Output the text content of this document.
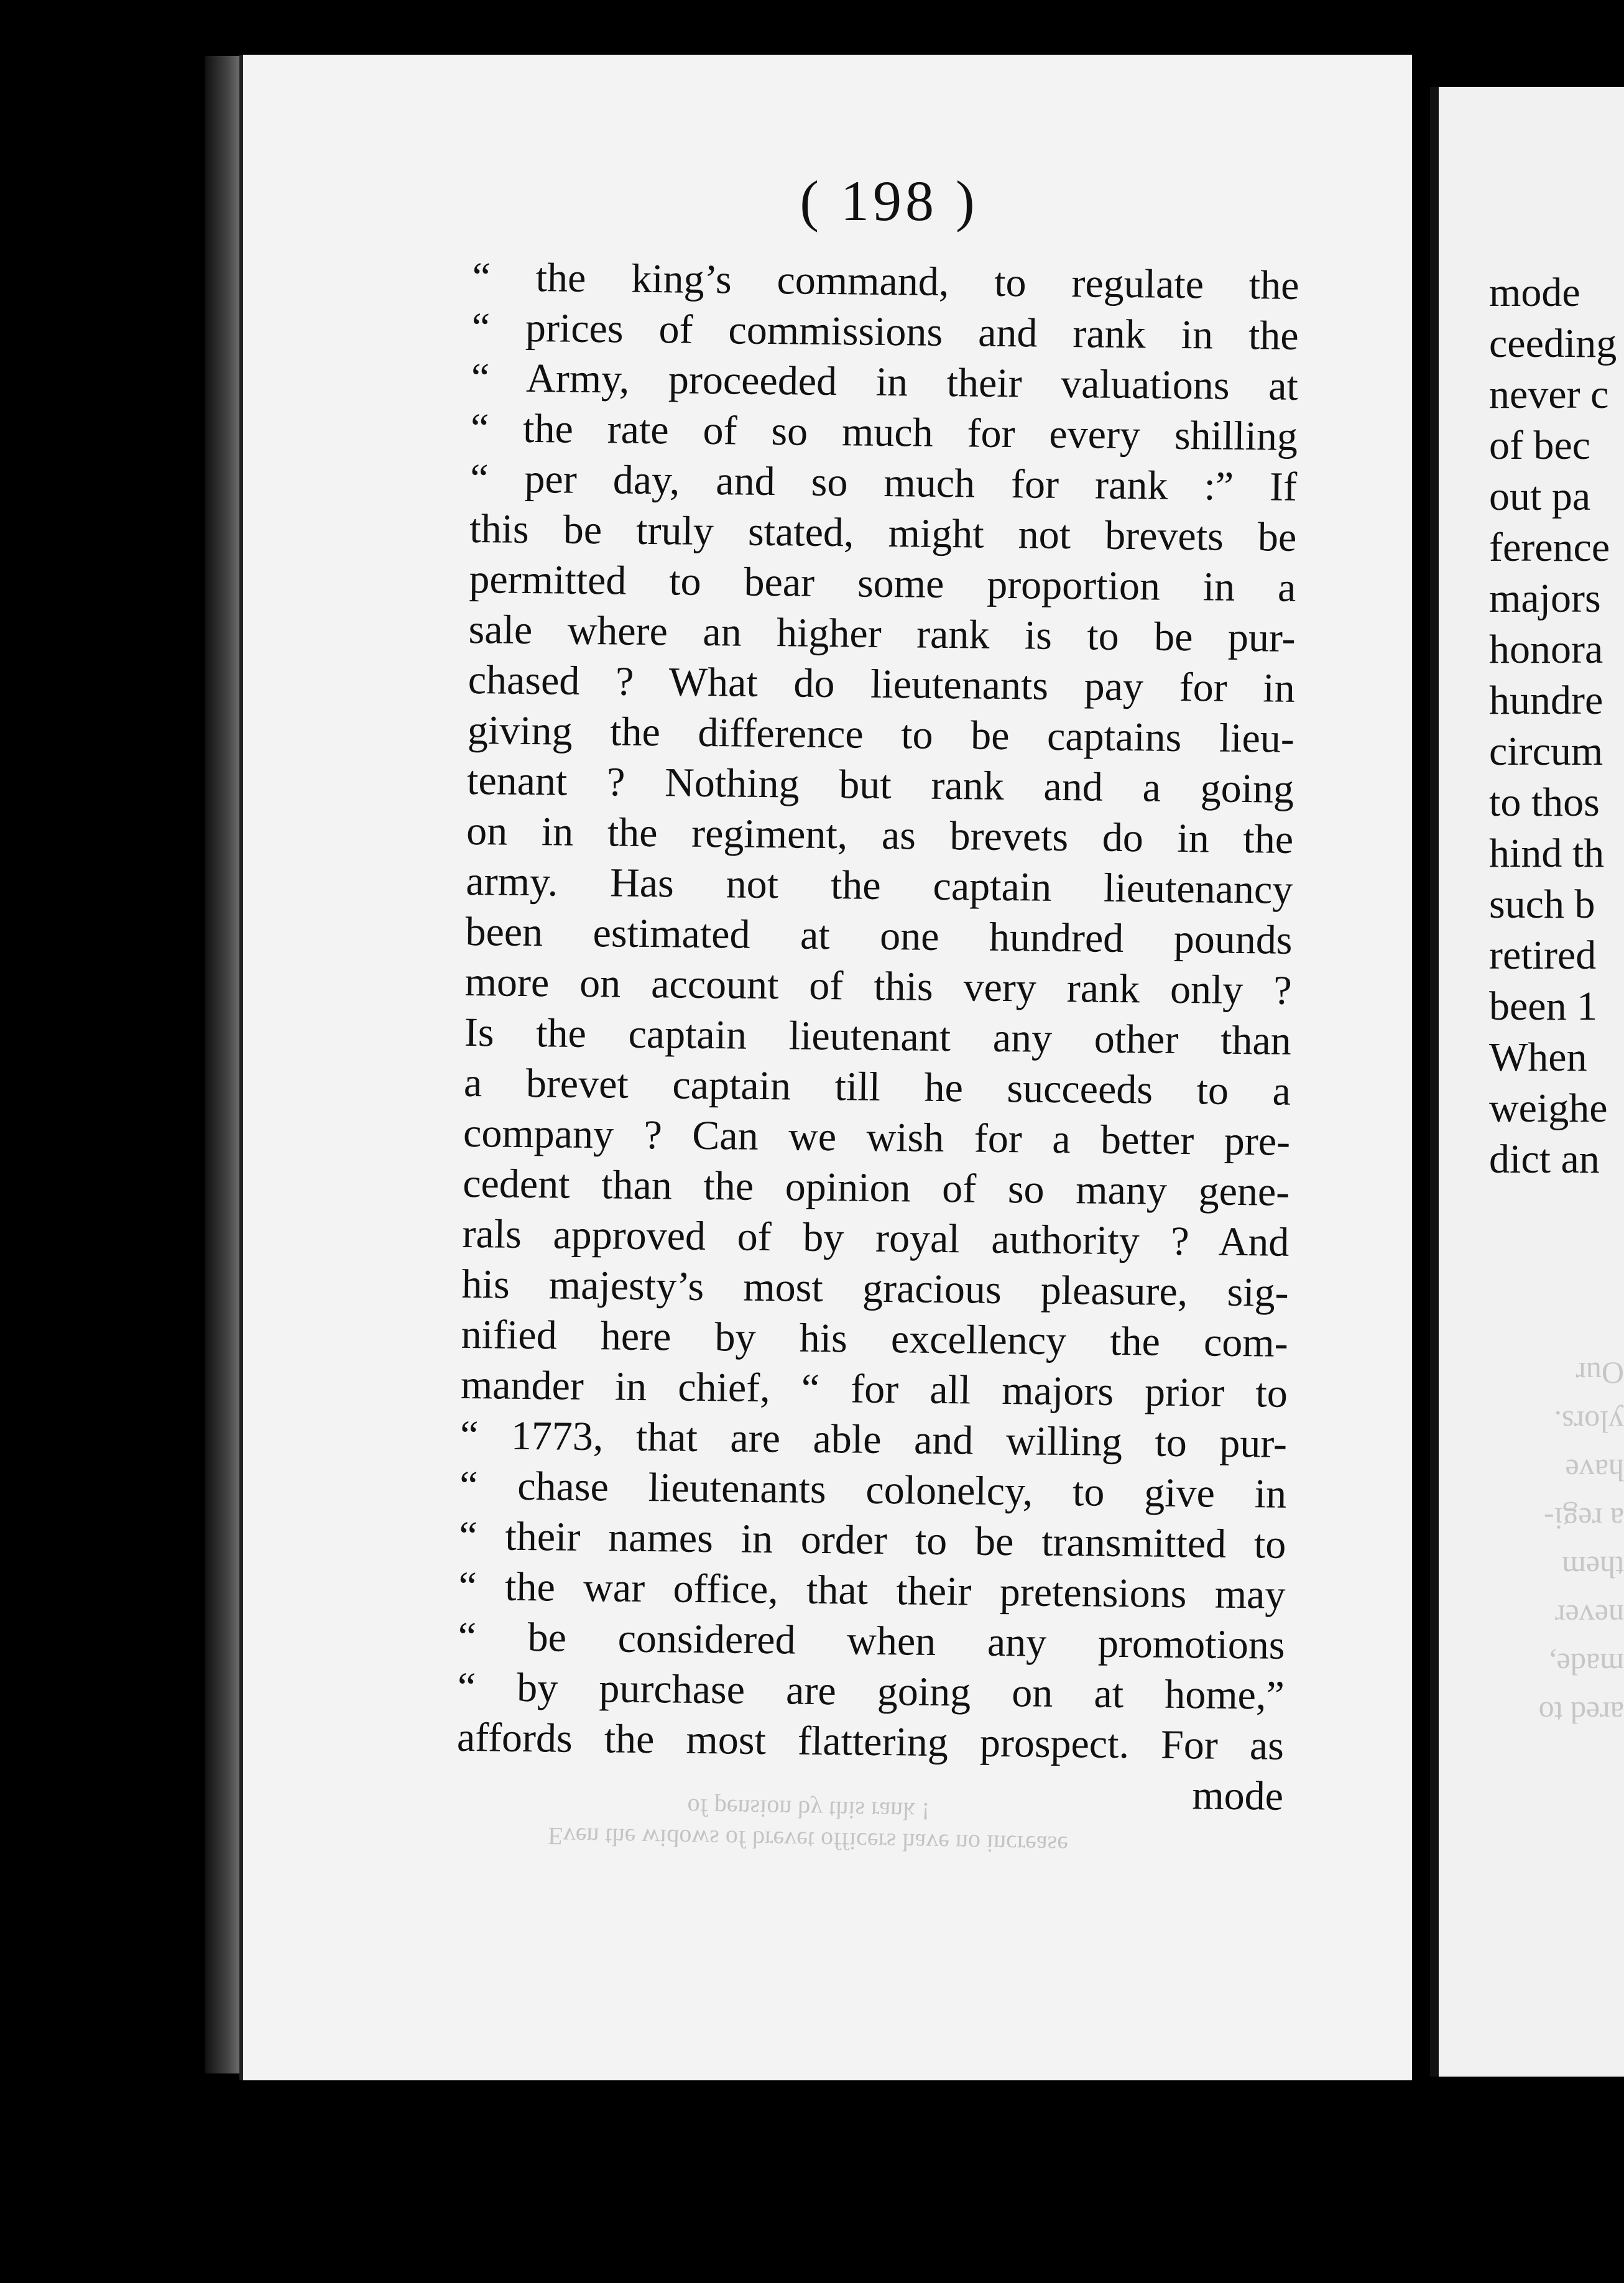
( 198 )
“ the king’s command, to regulate the
“ prices of commissions and rank in the
“ Army, proceeded in their valuations at
“ the rate of so much for every shilling
“ per day, and so much for rank :” If
this be truly stated, might not brevets be
permitted to bear some proportion in a
sale where an higher rank is to be pur-
chased ? What do lieutenants pay for in
giving the difference to be captains lieu-
tenant ? Nothing but rank and a going
on in the regiment, as brevets do in the
army. Has not the captain lieutenancy
been estimated at one hundred pounds
more on account of this very rank only ?
Is the captain lieutenant any other than
a brevet captain till he succeeds to a
company ? Can we wish for a better pre-
cedent than the opinion of so many gene-
rals approved of by royal authority ? And
his majesty’s most gracious pleasure, sig-
nified here by his excellency the com-
mander in chief, “ for all majors prior to
“ 1773, that are able and willing to pur-
“ chase lieutenants colonelcy, to give in
“ their names in order to be transmitted to
“ the war office, that their pretensions may
“ be considered when any promotions
“ by purchase are going on at home,”
affords the most flattering prospect. For as
mode
Even the widows of brevet officers have no increase
of pension by this rank !
mode
ceeding
never c
of bec
out pa
ference
majors
honora
hundre
circum
to thos
hind th
such b
retired
been 1
When
weighe
dict an
ared to
made,
never
them
a regi-
have
ylors.
Our
